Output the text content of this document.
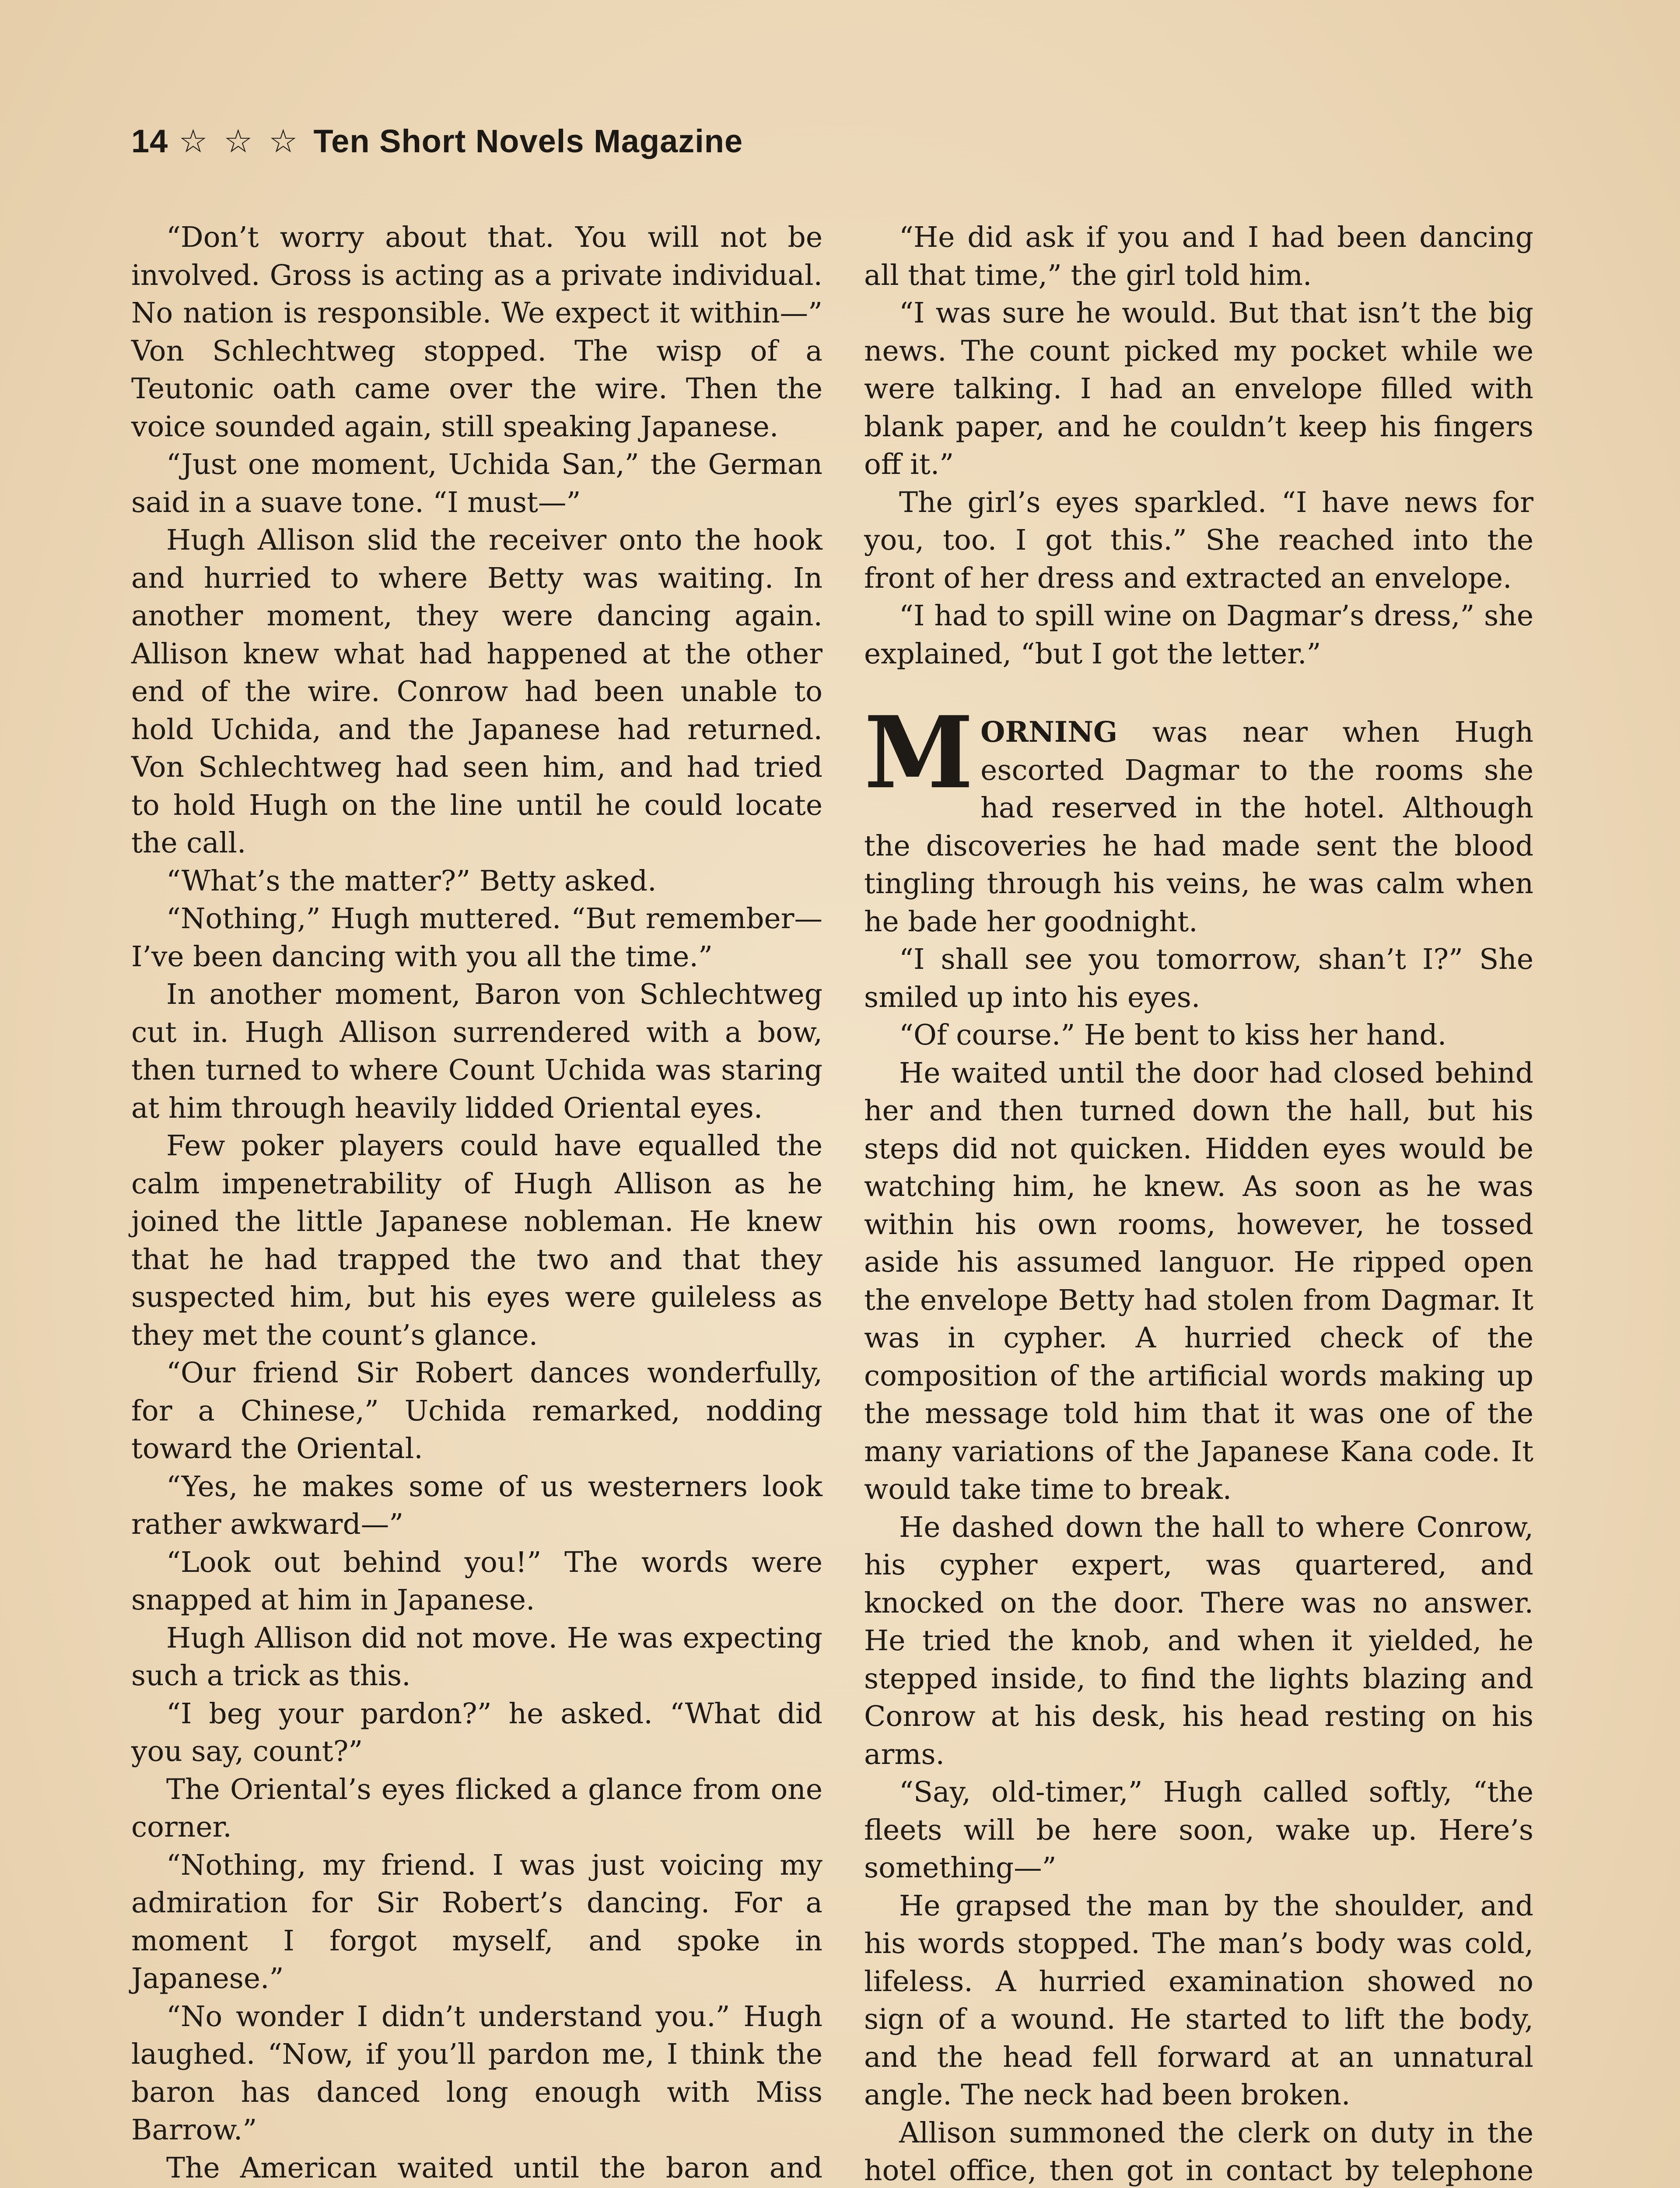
14 ☆ ☆ ☆ Ten Short Novels Magazine

“Don’t worry about that. You will not be involved. Gross is acting as a private individual. No nation is responsible. We expect it within—” Von Schlechtweg stopped. The wisp of a Teutonic oath came over the wire. Then the voice sounded again, still speaking Japanese.

“Just one moment, Uchida San,” the German said in a suave tone. “I must—”

Hugh Allison slid the receiver onto the hook and hurried to where Betty was waiting. In another moment, they were dancing again. Allison knew what had happened at the other end of the wire. Conrow had been unable to hold Uchida, and the Japanese had returned. Von Schlechtweg had seen him, and had tried to hold Hugh on the line until he could locate the call.

“What’s the matter?” Betty asked.

“Nothing,” Hugh muttered. “But remember—I’ve been dancing with you all the time.”

In another moment, Baron von Schlechtweg cut in. Hugh Allison surrendered with a bow, then turned to where Count Uchida was staring at him through heavily lidded Oriental eyes.

Few poker players could have equalled the calm impenetrability of Hugh Allison as he joined the little Japanese nobleman. He knew that he had trapped the two and that they suspected him, but his eyes were guileless as they met the count’s glance.

“Our friend Sir Robert dances wonderfully, for a Chinese,” Uchida remarked, nodding toward the Oriental.

“Yes, he makes some of us westerners look rather awkward—”

“Look out behind you!” The words were snapped at him in Japanese.

Hugh Allison did not move. He was expecting such a trick as this.

“I beg your pardon?” he asked. “What did you say, count?”

The Oriental’s eyes flicked a glance from one corner.

“Nothing, my friend. I was just voicing my admiration for Sir Robert’s dancing. For a moment I forgot myself, and spoke in Japanese.”

“No wonder I didn’t understand you.” Hugh laughed. “Now, if you’ll pardon me, I think the baron has danced long enough with Miss Barrow.”

The American waited until the baron and

“He did ask if you and I had been dancing all that time,” the girl told him.

“I was sure he would. But that isn’t the big news. The count picked my pocket while we were talking. I had an envelope filled with blank paper, and he couldn’t keep his fingers off it.”

The girl’s eyes sparkled. “I have news for you, too. I got this.” She reached into the front of her dress and extracted an envelope.

“I had to spill wine on Dagmar’s dress,” she explained, “but I got the letter.”

MORNING was near when Hugh escorted Dagmar to the rooms she had reserved in the hotel. Although the discoveries he had made sent the blood tingling through his veins, he was calm when he bade her goodnight.

“I shall see you tomorrow, shan’t I?” She smiled up into his eyes.

“Of course.” He bent to kiss her hand.

He waited until the door had closed behind her and then turned down the hall, but his steps did not quicken. Hidden eyes would be watching him, he knew. As soon as he was within his own rooms, however, he tossed aside his assumed languor. He ripped open the envelope Betty had stolen from Dagmar. It was in cypher. A hurried check of the composition of the artificial words making up the message told him that it was one of the many variations of the Japanese Kana code. It would take time to break.

He dashed down the hall to where Conrow, his cypher expert, was quartered, and knocked on the door. There was no answer. He tried the knob, and when it yielded, he stepped inside, to find the lights blazing and Conrow at his desk, his head resting on his arms.

“Say, old-timer,” Hugh called softly, “the fleets will be here soon, wake up. Here’s something—”

He grapsed the man by the shoulder, and his words stopped. The man’s body was cold, lifeless. A hurried examination showed no sign of a wound. He started to lift the body, and the head fell forward at an unnatural angle. The neck had been broken.

Allison summoned the clerk on duty in the hotel office, then got in contact by telephone
